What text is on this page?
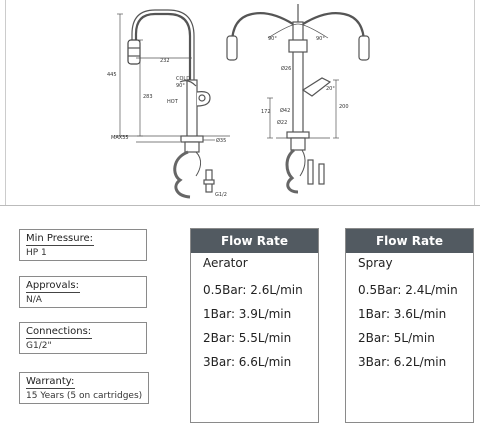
445
283
232
COLD
90°
HOT
MAX35	Ø35
G1/2
90°	90°
Ø26
20°
172
200
Ø42
Ø22
Min Pressure:
HP 1
Approvals:
N/A
Connections:
G1/2"
Warranty:
15 Years (5 on cartridges)
Flow Rate
Aerator
0.5Bar: 2.6L/min
1Bar: 3.9L/min
2Bar: 5.5L/min
3Bar: 6.6L/min
Flow Rate
Spray
0.5Bar: 2.4L/min
1Bar: 3.6L/min
2Bar: 5L/min
3Bar: 6.2L/min
